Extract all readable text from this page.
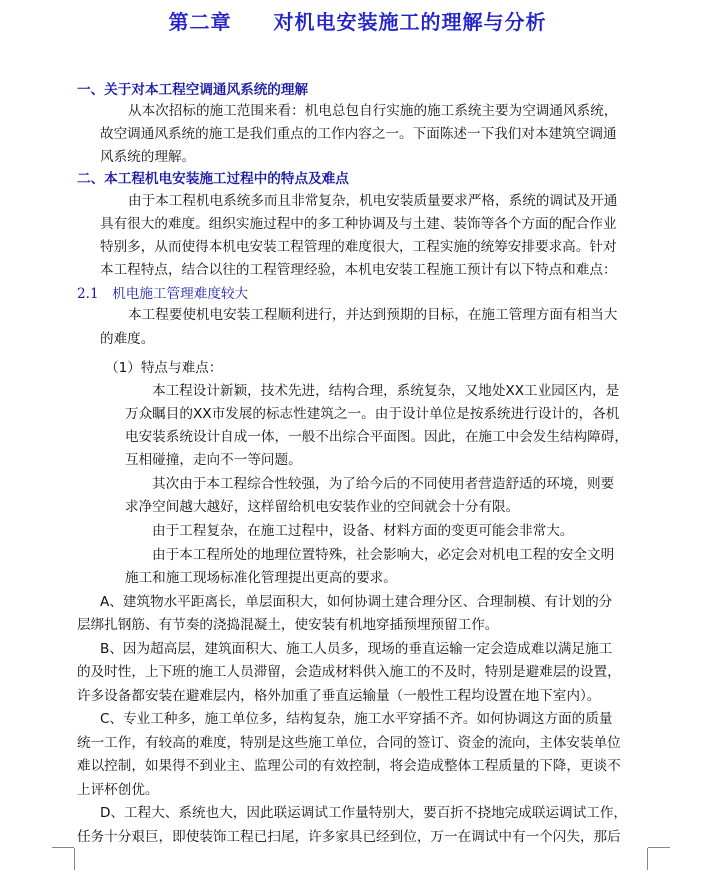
第二章　　对机电安装施工的理解与分析

一、关于对本工程空调通风系统的理解

从本次招标的施工范围来看：机电总包自行实施的施工系统主要为空调通风系统，

故空调通风系统的施工是我们重点的工作内容之一。下面陈述一下我们对本建筑空调通

风系统的理解。

二、本工程机电安装施工过程中的特点及难点

由于本工程机电系统多而且非常复杂，机电安装质量要求严格，系统的调试及开通

具有很大的难度。组织实施过程中的多工种协调及与土建、装饰等各个方面的配合作业

特别多，从而使得本机电安装工程管理的难度很大，工程实施的统筹安排要求高。针对

本工程特点，结合以往的工程管理经验，本机电安装工程施工预计有以下特点和难点：

2.1　机电施工管理难度较大

本工程要使机电安装工程顺利进行，并达到预期的目标，在施工管理方面有相当大

的难度。

（1）特点与难点：

本工程设计新颖，技术先进，结构合理，系统复杂，又地处XX工业园区内，是

万众瞩目的XX市发展的标志性建筑之一。由于设计单位是按系统进行设计的，各机

电安装系统设计自成一体，一般不出综合平面图。因此，在施工中会发生结构障碍，

互相碰撞，走向不一等问题。

其次由于本工程综合性较强，为了给今后的不同使用者营造舒适的环境，则要

求净空间越大越好，这样留给机电安装作业的空间就会十分有限。

由于工程复杂，在施工过程中，设备、材料方面的变更可能会非常大。

由于本工程所处的地理位置特殊，社会影响大，必定会对机电工程的安全文明

施工和施工现场标准化管理提出更高的要求。

A、建筑物水平距离长，单层面积大，如何协调土建合理分区、合理制模、有计划的分

层绑扎钢筋、有节奏的浇捣混凝土，使安装有机地穿插预埋预留工作。

B、因为超高层，建筑面积大、施工人员多，现场的垂直运输一定会造成难以满足施工

的及时性，上下班的施工人员滞留，会造成材料供入施工的不及时，特别是避难层的设置，

许多设备都安装在避难层内，格外加重了垂直运输量（一般性工程均设置在地下室内）。

C、专业工种多，施工单位多，结构复杂，施工水平穿插不齐。如何协调这方面的质量

统一工作，有较高的难度，特别是这些施工单位，合同的签订、资金的流向，主体安装单位

难以控制，如果得不到业主、监理公司的有效控制，将会造成整体工程质量的下降，更谈不

上评杯创优。

D、工程大、系统也大，因此联运调试工作量特别大，要百折不挠地完成联运调试工作，

任务十分艰巨，即使装饰工程已扫尾，许多家具已经到位，万一在调试中有一个闪失，那后
